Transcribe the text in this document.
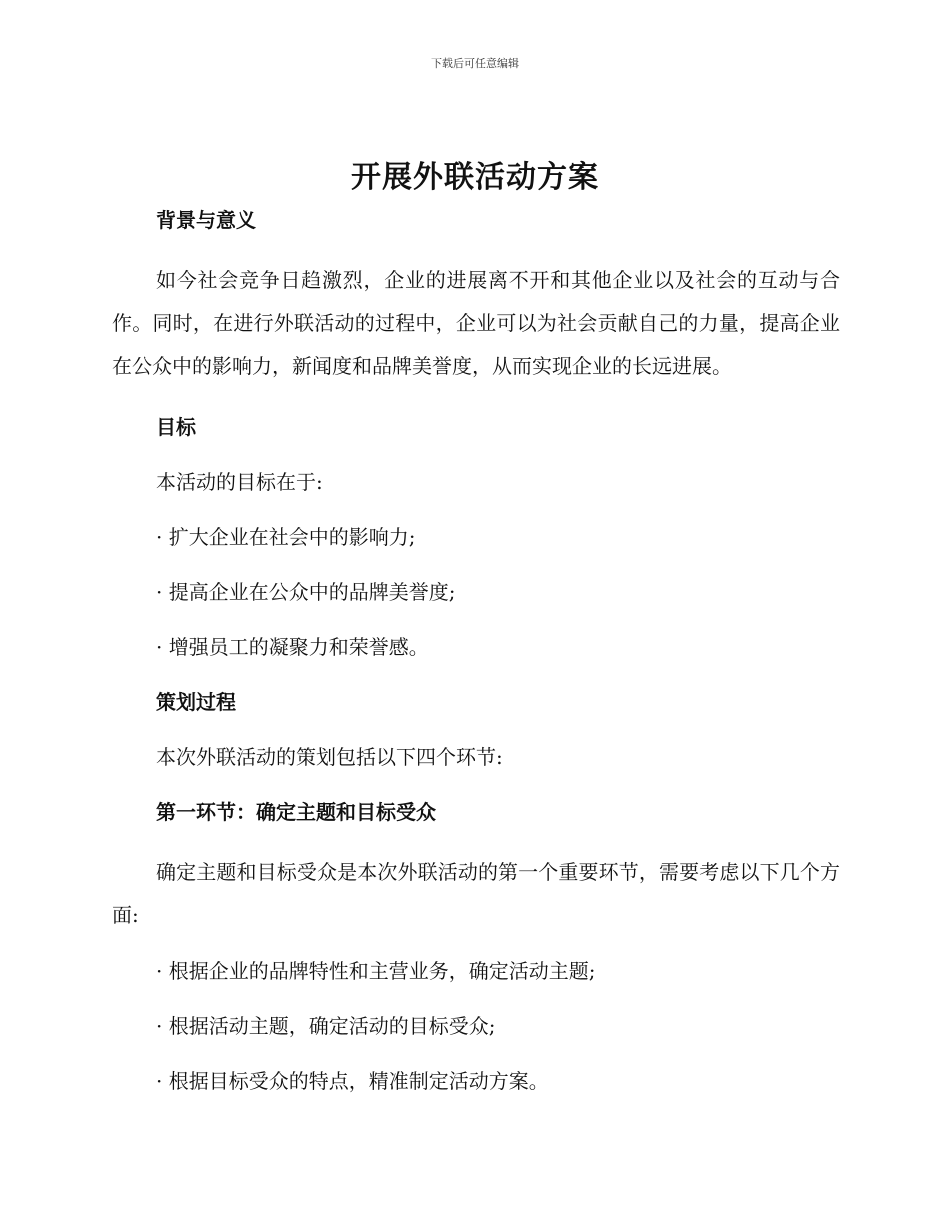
下载后可任意编辑
开展外联活动方案
背景与意义

如今社会竞争日趋激烈，企业的进展离不开和其他企业以及社会的互动与合作。同时，在进行外联活动的过程中，企业可以为社会贡献自己的力量，提高企业在公众中的影响力，新闻度和品牌美誉度，从而实现企业的长远进展。

目标

本活动的目标在于:

· 扩大企业在社会中的影响力;

· 提高企业在公众中的品牌美誉度;

· 增强员工的凝聚力和荣誉感。

策划过程

本次外联活动的策划包括以下四个环节:

第一环节：确定主题和目标受众

确定主题和目标受众是本次外联活动的第一个重要环节，需要考虑以下几个方面:

· 根据企业的品牌特性和主营业务，确定活动主题;

· 根据活动主题，确定活动的目标受众;

· 根据目标受众的特点，精准制定活动方案。
